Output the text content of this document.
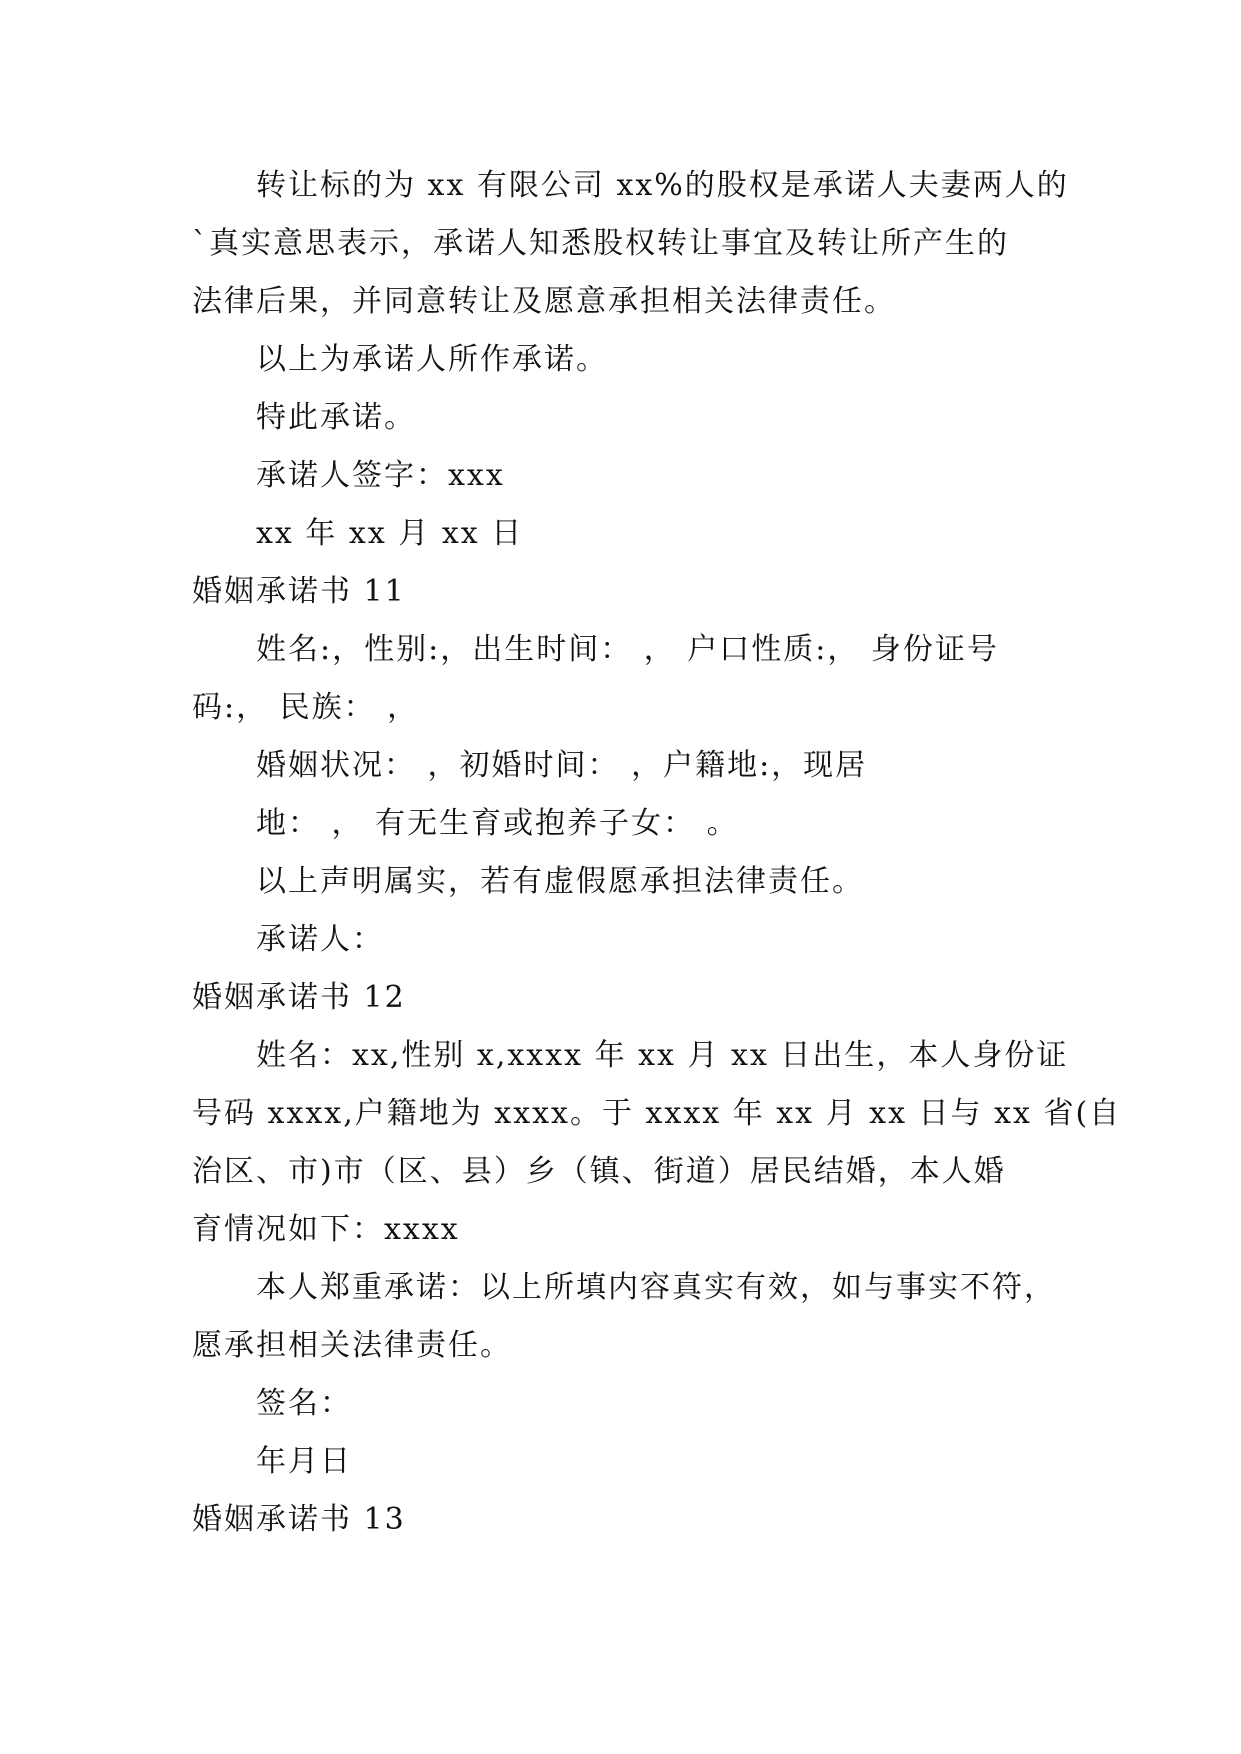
转让标的为 xx 有限公司 xx%的股权是承诺人夫妻两人的
`真实意思表示，承诺人知悉股权转让事宜及转让所产生的
法律后果，并同意转让及愿意承担相关法律责任。
以上为承诺人所作承诺。
特此承诺。
承诺人签字：xxx
xx 年 xx 月 xx 日
婚姻承诺书 11
姓名:，性别:，出生时间： ， 户口性质:， 身份证号
码:， 民族： ，
婚姻状况： ，初婚时间： ，户籍地:，现居
地： ， 有无生育或抱养子女： 。
以上声明属实，若有虚假愿承担法律责任。
承诺人：
婚姻承诺书 12
姓名：xx,性别 x,xxxx 年 xx 月 xx 日出生，本人身份证
号码 xxxx,户籍地为 xxxx。于 xxxx 年 xx 月 xx 日与 xx 省(自
治区、市)市（区、县）乡（镇、街道）居民结婚，本人婚
育情况如下：xxxx
本人郑重承诺：以上所填内容真实有效，如与事实不符，
愿承担相关法律责任。
签名：
年月日
婚姻承诺书 13
